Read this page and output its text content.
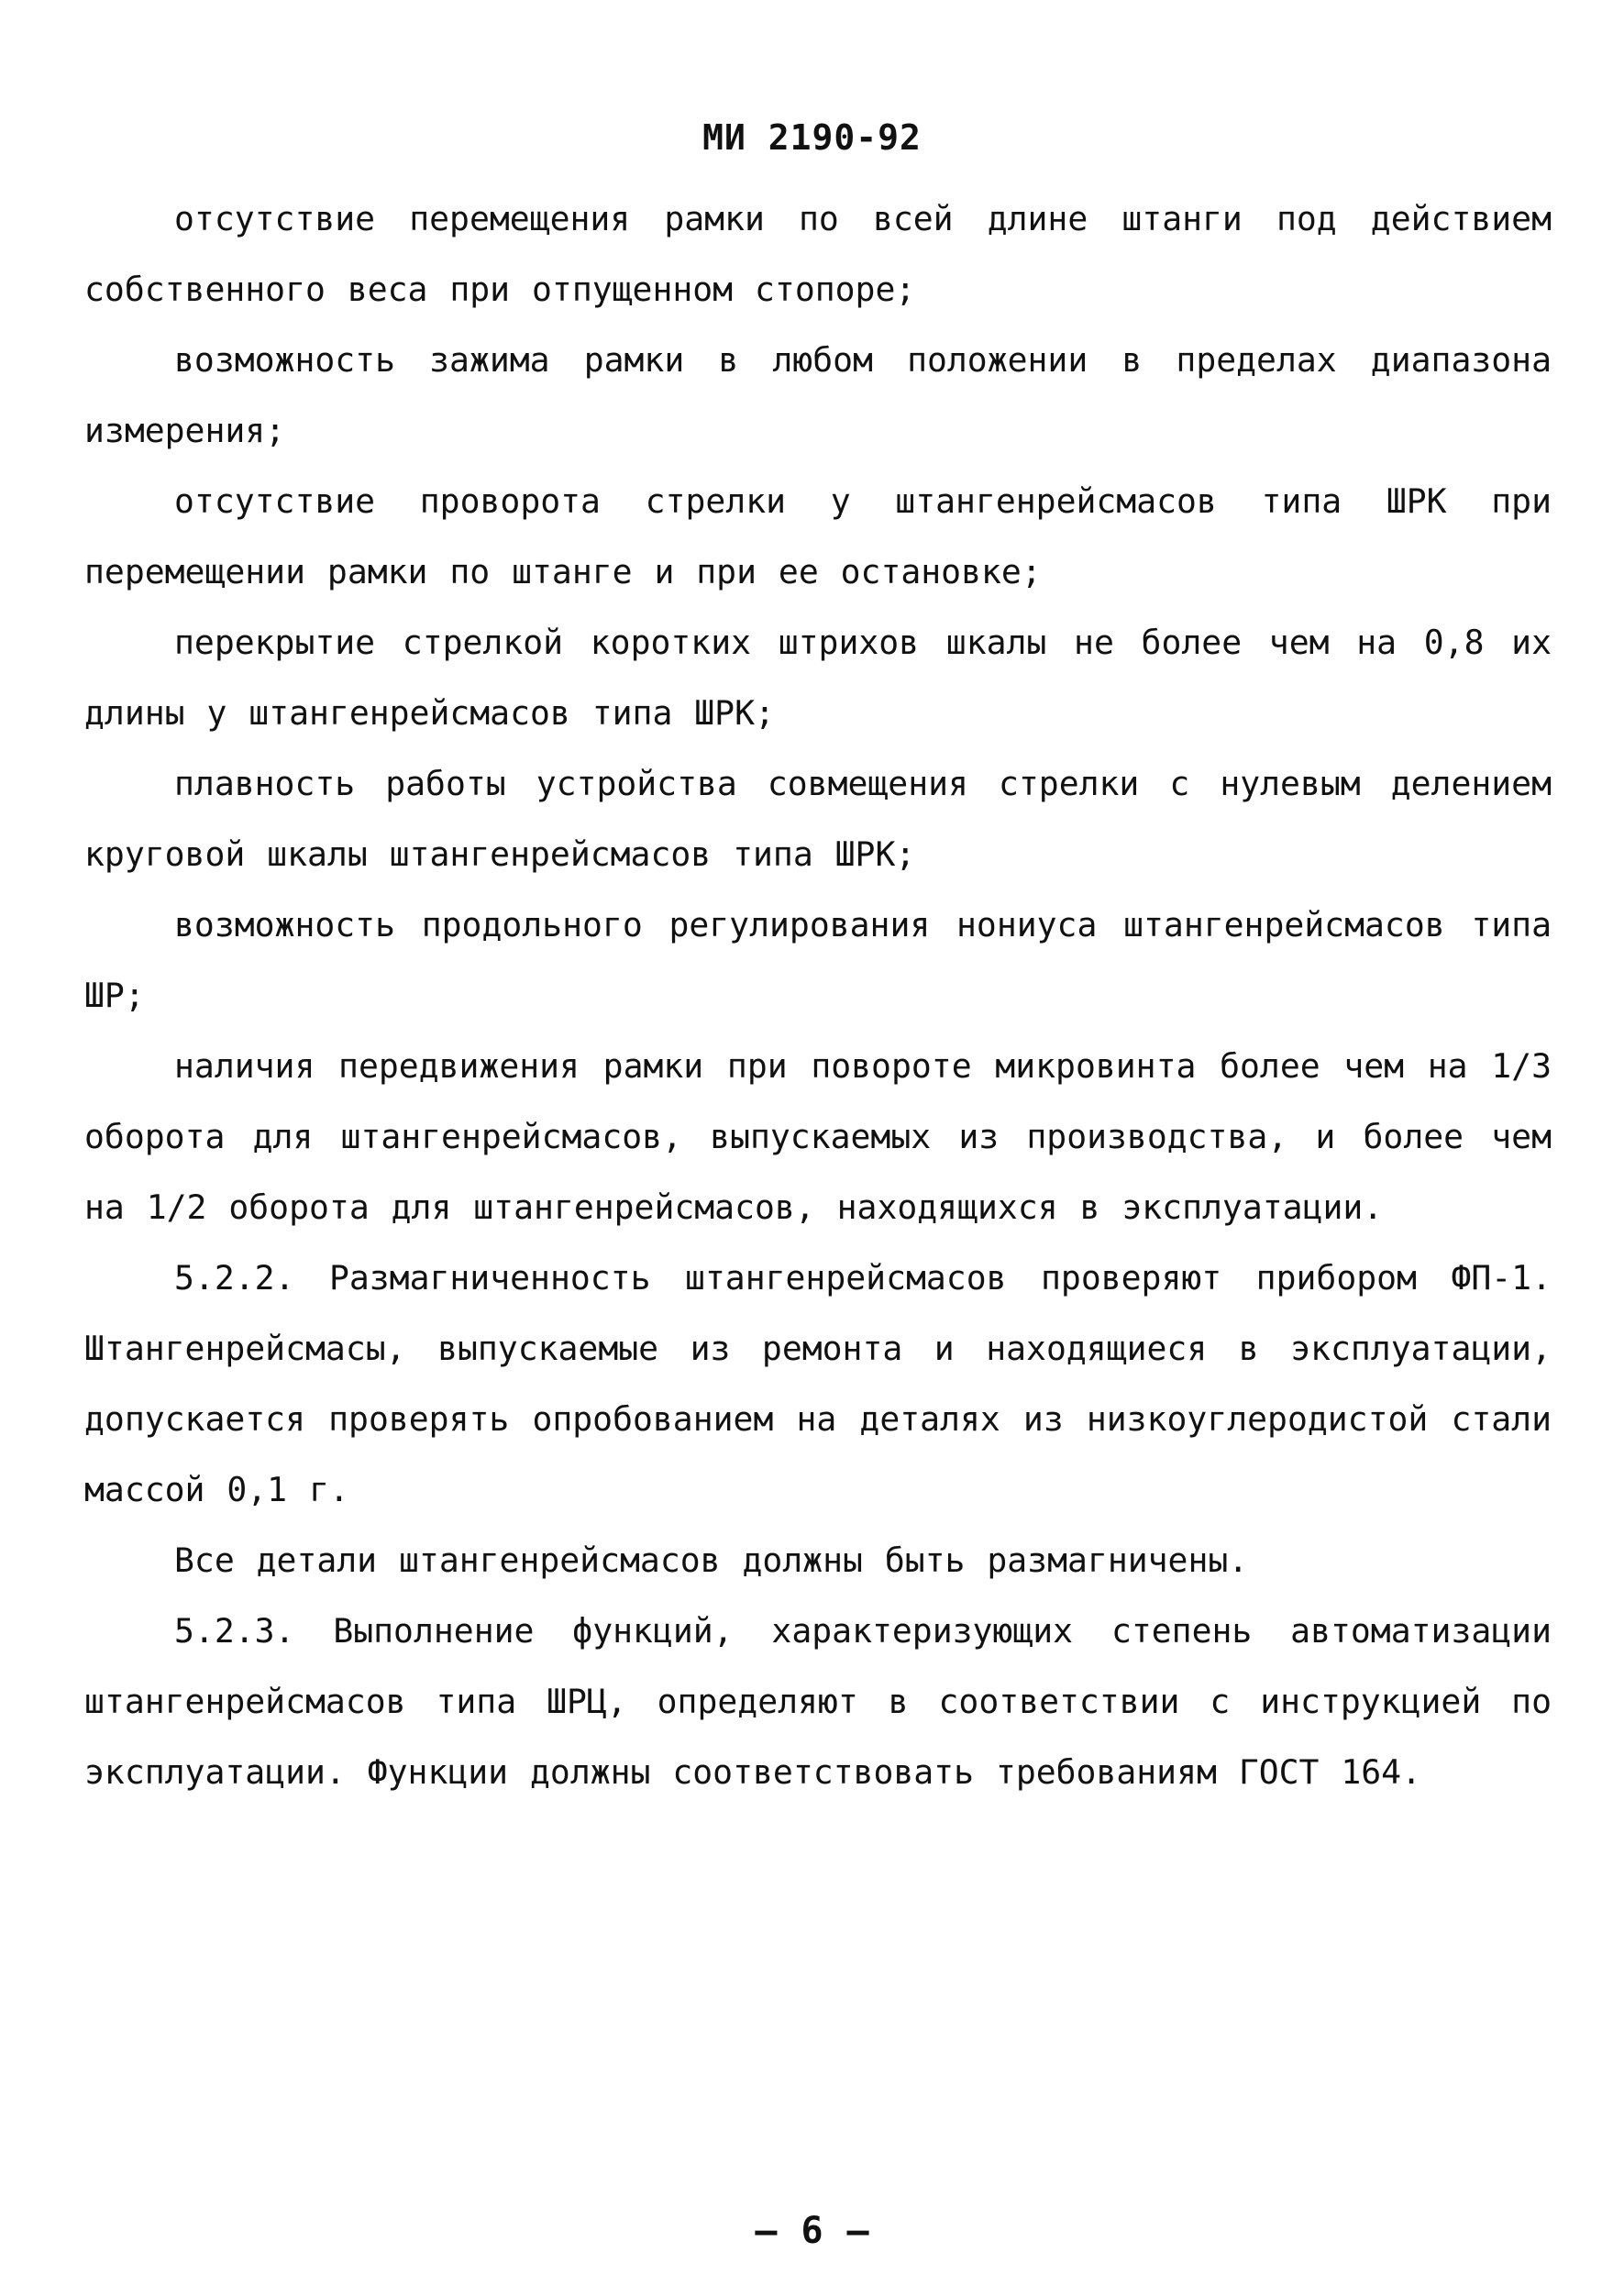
МИ 2190-92

отсутствие перемещения рамки по всей длине штанги под действием собственного веса при отпущенном стопоре;

возможность зажима рамки в любом положении в пределах диапазона измерения;

отсутствие проворота стрелки у штангенрейсмасов типа ШРК при перемещении рамки по штанге и при ее остановке;

перекрытие стрелкой коротких штрихов шкалы не более чем на 0,8 их длины у штангенрейсмасов типа ШРК;

плавность работы устройства совмещения стрелки с нулевым делением круговой шкалы штангенрейсмасов типа ШРК;

возможность продольного регулирования нониуса штангенрейсмасов типа ШР;

наличия передвижения рамки при повороте микровинта более чем на 1/3 оборота для штангенрейсмасов, выпускаемых из производства, и более чем на 1/2 оборота для штангенрейсмасов, находящихся в эксплуатации.

5.2.2. Размагниченность штангенрейсмасов проверяют прибором ФП-1. Штангенрейсмасы, выпускаемые из ремонта и находящиеся в эксплуатации, допускается проверять опробованием на деталях из низкоуглеродистой стали массой 0,1 г.

Все детали штангенрейсмасов должны быть размагничены.

5.2.3. Выполнение функций, характеризующих степень автоматизации штангенрейсмасов типа ШРЦ, определяют в соответствии с инструкцией по эксплуатации. Функции должны соответствовать требованиям ГОСТ 164.

– 6 –
